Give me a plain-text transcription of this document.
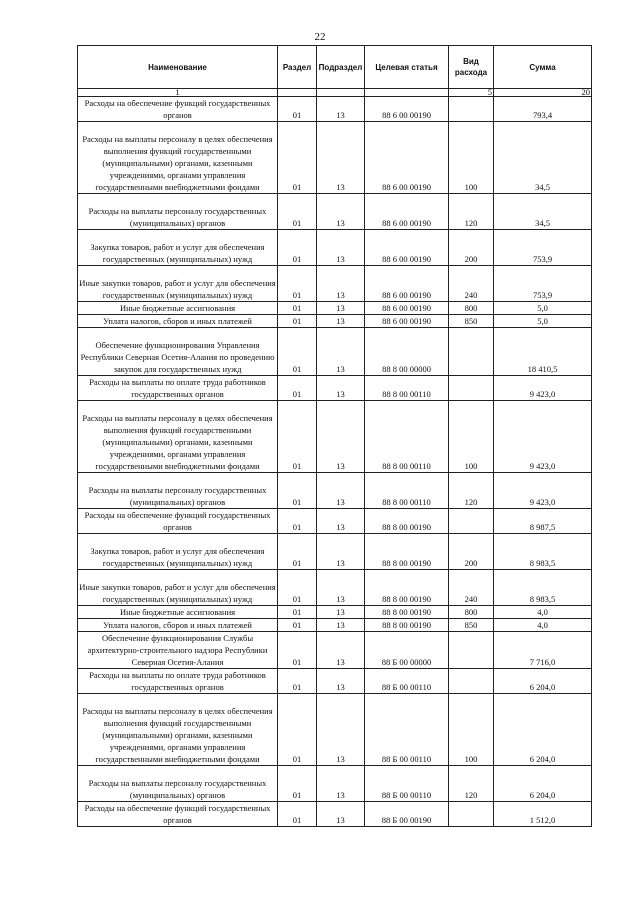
22
Наименование	Раздел	Подраздел	Целевая статья	Вид расхода	Сумма
1				5	20
Расходы на обеспечение функций государственных органов	01	13	88 6 00 00190		793,4
Расходы на выплаты персоналу в целях обеспечения выполнения функций государственными (муниципальными) органами, казенными учреждениями, органами управления государственными внебюджетными фондами	01	13	88 6 00 00190	100	34,5
Расходы на выплаты персоналу государственных (муниципальных) органов	01	13	88 6 00 00190	120	34,5
Закупка товаров, работ и услуг для обеспечения государственных (муниципальных) нужд	01	13	88 6 00 00190	200	753,9
Иные закупки товаров, работ и услуг для обеспечения государственных (муниципальных) нужд	01	13	88 6 00 00190	240	753,9
Иные бюджетные ассигнования	01	13	88 6 00 00190	800	5,0
Уплата налогов, сборов и иных платежей	01	13	88 6 00 00190	850	5,0
Обеспечение функционирования Управления Республики Северная Осетия-Алания по проведению закупок для государственных нужд	01	13	88 8 00 00000		18 410,5
Расходы на выплаты по оплате труда работников государственных органов	01	13	88 8 00 00110		9 423,0
Расходы на выплаты персоналу в целях обеспечения выполнения функций государственными (муниципальными) органами, казенными учреждениями, органами управления государственными внебюджетными фондами	01	13	88 8 00 00110	100	9 423,0
Расходы на выплаты персоналу государственных (муниципальных) органов	01	13	88 8 00 00110	120	9 423,0
Расходы на обеспечение функций государственных органов	01	13	88 8 00 00190		8 987,5
Закупка товаров, работ и услуг для обеспечения государственных (муниципальных) нужд	01	13	88 8 00 00190	200	8 983,5
Иные закупки товаров, работ и услуг для обеспечения государственных (муниципальных) нужд	01	13	88 8 00 00190	240	8 983,5
Иные бюджетные ассигнования	01	13	88 8 00 00190	800	4,0
Уплата налогов, сборов и иных платежей	01	13	88 8 00 00190	850	4,0
Обеспечение функционирования Службы архитектурно-строительного надзора Республики Северная Осетия-Алания	01	13	88 Б 00 00000		7 716,0
Расходы на выплаты по оплате труда работников государственных органов	01	13	88 Б 00 00110		6 204,0
Расходы на выплаты персоналу в целях обеспечения выполнения функций государственными (муниципальными) органами, казенными учреждениями, органами управления государственными внебюджетными фондами	01	13	88 Б 00 00110	100	6 204,0
Расходы на выплаты персоналу государственных (муниципальных) органов	01	13	88 Б 00 00110	120	6 204,0
Расходы на обеспечение функций государственных органов	01	13	88 Б 00 00190		1 512,0
